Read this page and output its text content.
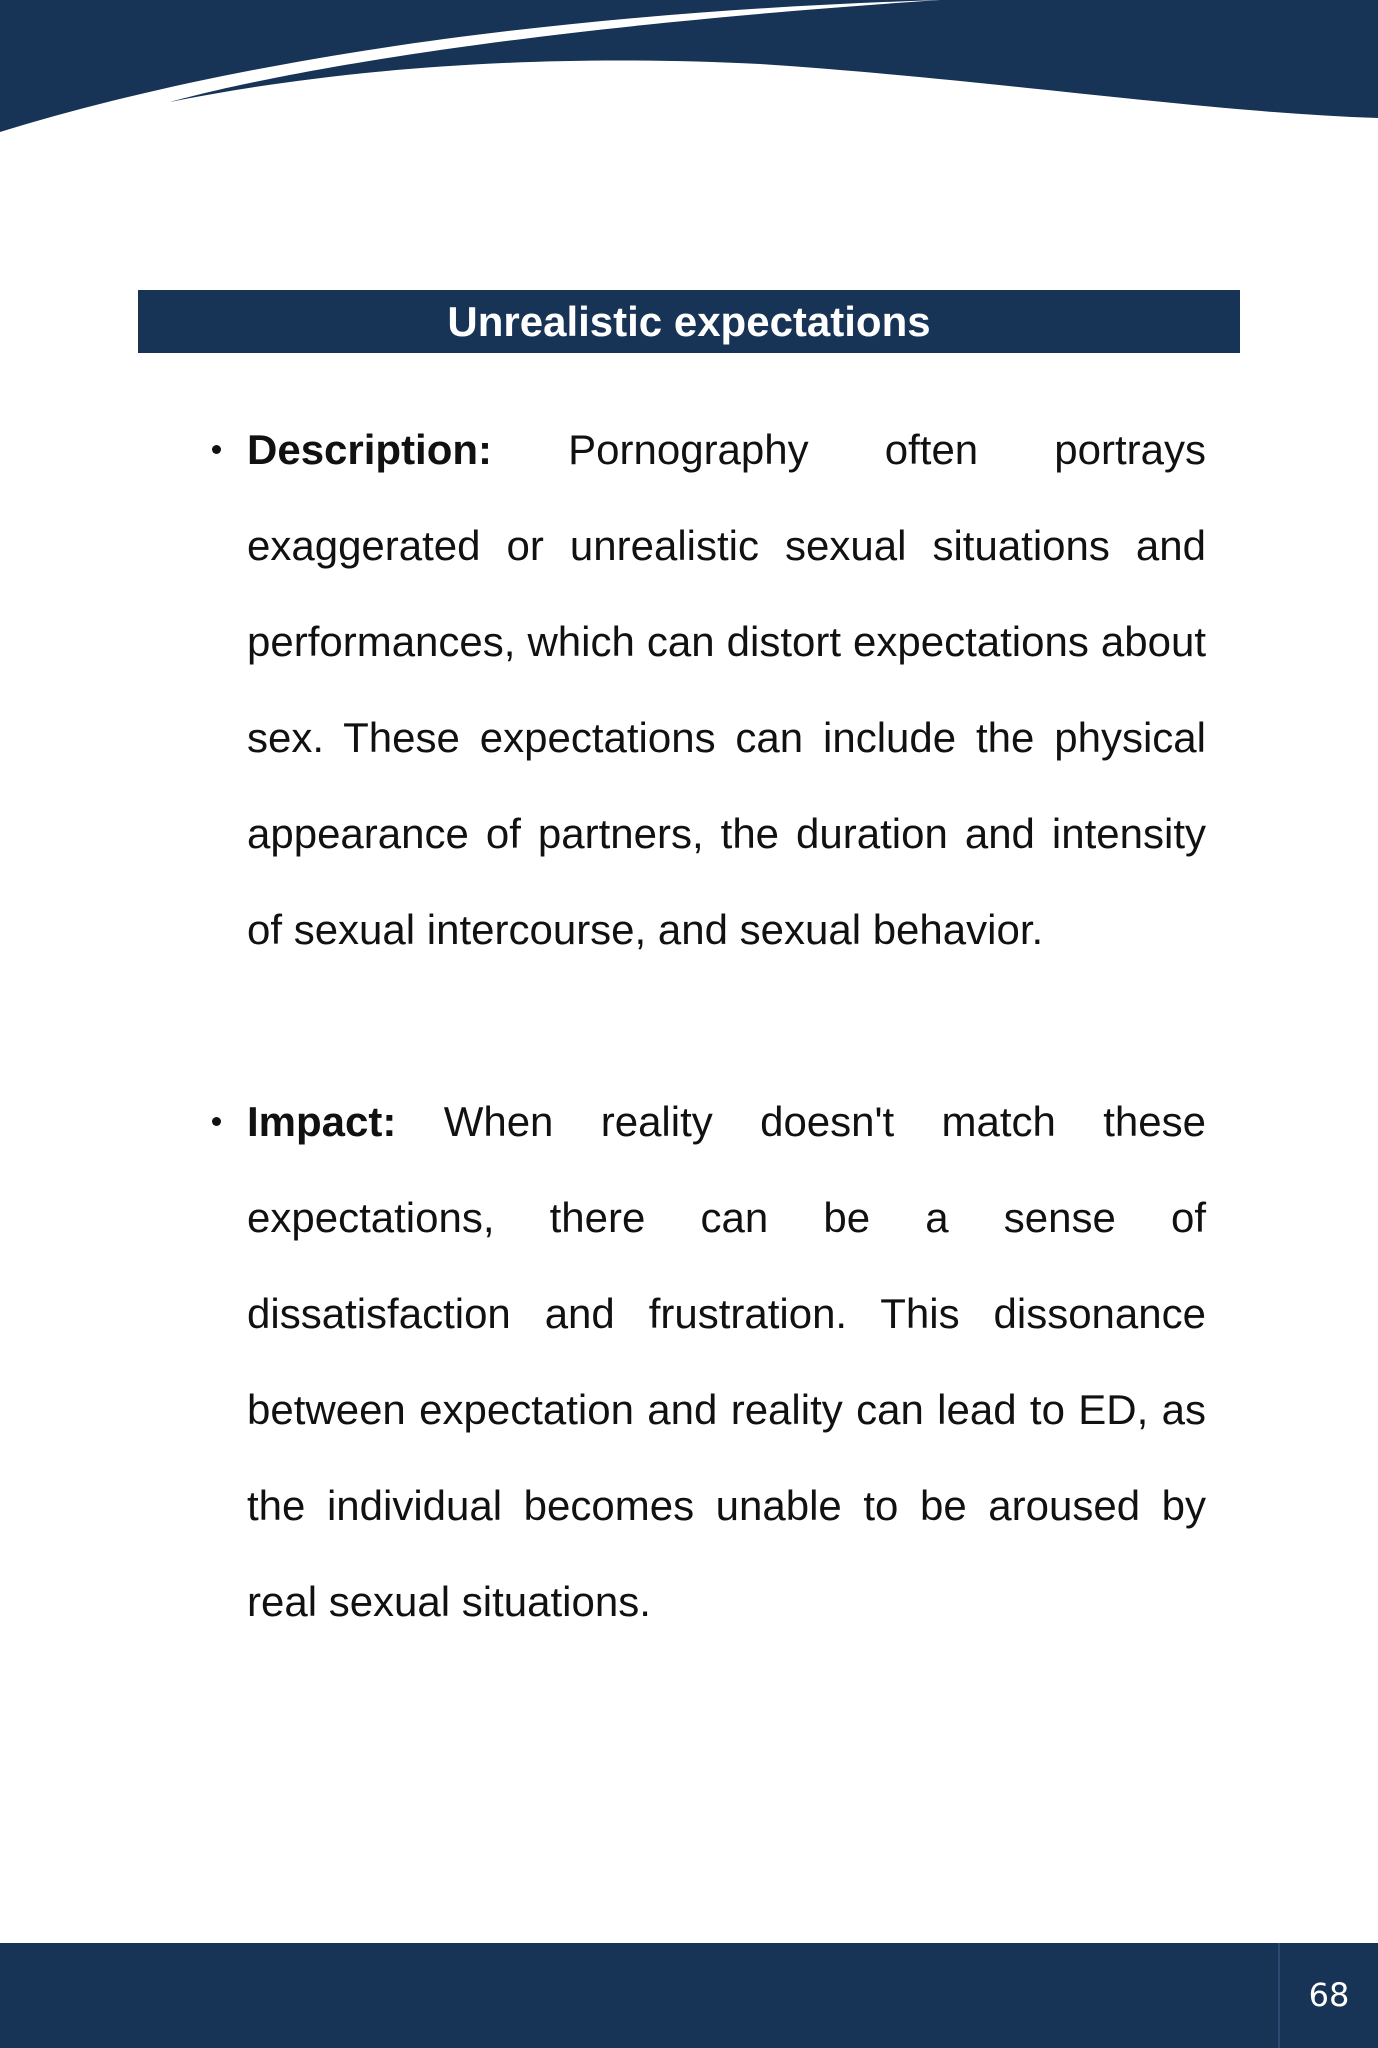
Unrealistic expectations
Description: Pornography often portrays exaggerated or unrealistic sexual situations and performances, which can distort expectations about sex. These expectations can include the physical appearance of partners, the duration and intensity of sexual intercourse, and sexual behavior.
Impact: When reality doesn't match these expectations, there can be a sense of dissatisfaction and frustration. This dissonance between expectation and reality can lead to ED, as the individual becomes unable to be aroused by real sexual situations.
68
